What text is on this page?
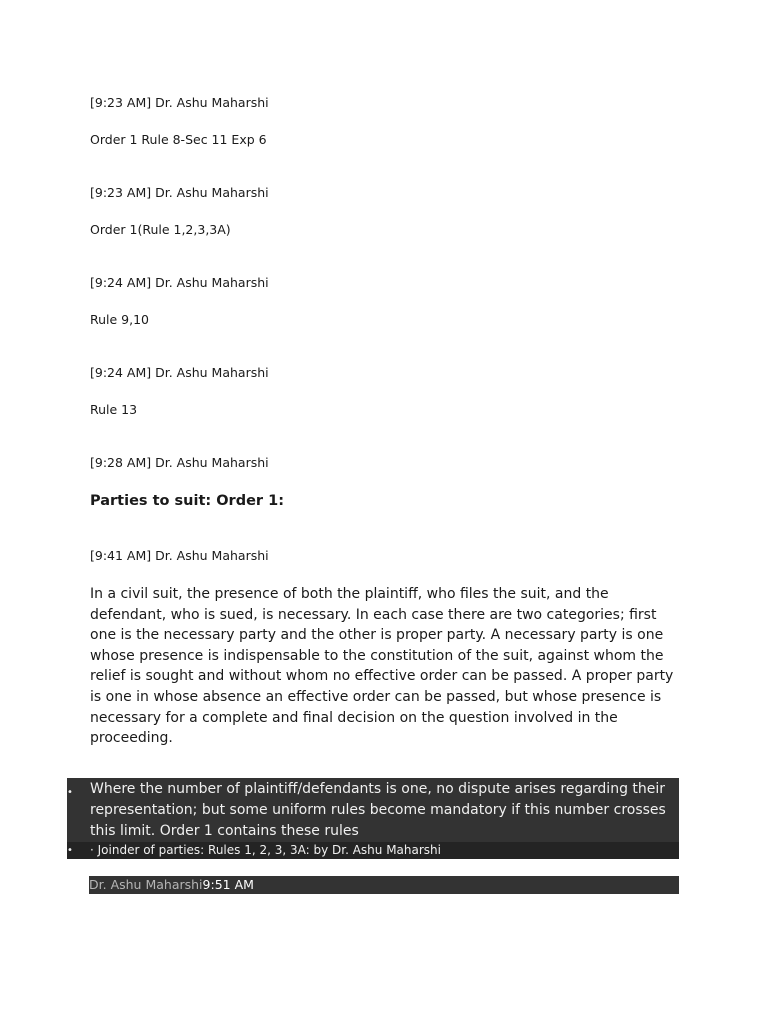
[9:23 AM] Dr. Ashu Maharshi
Order 1 Rule 8-Sec 11 Exp 6
[9:23 AM] Dr. Ashu Maharshi
Order 1(Rule 1,2,3,3A)
[9:24 AM] Dr. Ashu Maharshi
Rule 9,10
[9:24 AM] Dr. Ashu Maharshi
Rule 13
[9:28 AM] Dr. Ashu Maharshi
Parties to suit: Order 1:
[9:41 AM] Dr. Ashu Maharshi
In a civil suit, the presence of both the plaintiff, who files the suit, and the defendant, who is sued, is necessary. In each case there are two categories; first one is the necessary party and the other is proper party. A necessary party is one whose presence is indispensable to the constitution of the suit, against whom the relief is sought and without whom no effective order can be passed. A proper party is one in whose absence an effective order can be passed, but whose presence is necessary for a complete and final decision on the question involved in the proceeding.
• Where the number of plaintiff/defendants is one, no dispute arises regarding their representation; but some uniform rules become mandatory if this number crosses this limit. Order 1 contains these rules
• · Joinder of parties: Rules 1, 2, 3, 3A: by Dr. Ashu Maharshi
Dr. Ashu Maharshi9:51 AM
